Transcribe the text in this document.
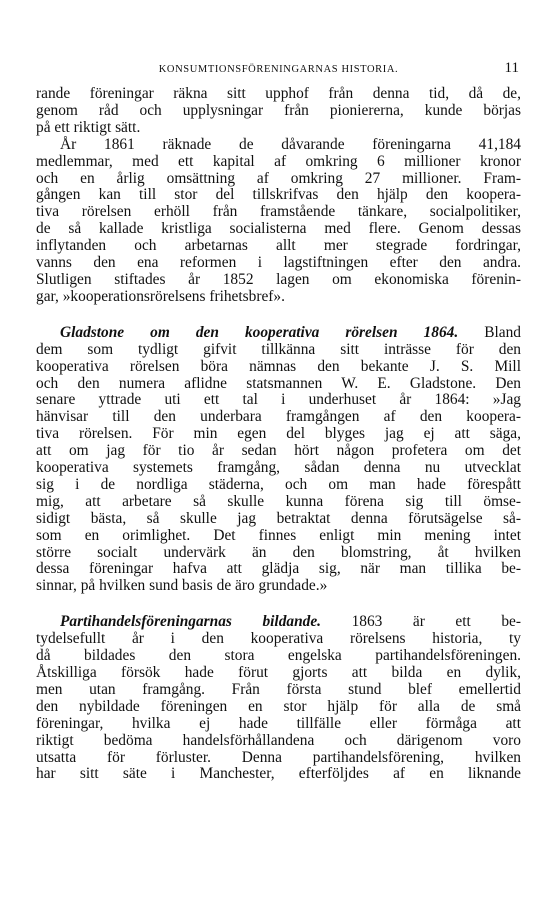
KONSUMTIONSFÖRENINGARNAS HISTORIA.	11

rande föreningar räkna sitt upphof från denna tid, då de,
genom råd och upplysningar från pioniererna, kunde börjas
på ett riktigt sätt.

År 1861 räknade de dåvarande föreningarna 41,184
medlemmar, med ett kapital af omkring 6 millioner kronor
och en årlig omsättning af omkring 27 millioner. Fram-
gången kan till stor del tillskrifvas den hjälp den koopera-
tiva rörelsen erhöll från framstående tänkare, socialpolitiker,
de så kallade kristliga socialisterna med flere. Genom dessas
inflytanden och arbetarnas allt mer stegrade fordringar,
vanns den ena reformen i lagstiftningen efter den andra.
Slutligen stiftades år 1852 lagen om ekonomiska förenin-
gar, »kooperationsrörelsens frihetsbref».

Gladstone om den kooperativa rörelsen 1864. Bland
dem som tydligt gifvit tillkänna sitt inträsse för den
kooperativa rörelsen böra nämnas den bekante J. S. Mill
och den numera aflidne statsmannen W. E. Gladstone. Den
senare yttrade uti ett tal i underhuset år 1864: »Jag
hänvisar till den underbara framgången af den koopera-
tiva rörelsen. För min egen del blyges jag ej att säga,
att om jag för tio år sedan hört någon profetera om det
kooperativa systemets framgång, sådan denna nu utvecklat
sig i de nordliga städerna, och om man hade förespått
mig, att arbetare så skulle kunna förena sig till ömse-
sidigt bästa, så skulle jag betraktat denna förutsägelse så-
som en orimlighet. Det finnes enligt min mening intet
större socialt undervärk än den blomstring, åt hvilken
dessa föreningar hafva att glädja sig, när man tillika be-
sinnar, på hvilken sund basis de äro grundade.»

Partihandelsföreningarnas bildande. 1863 är ett be-
tydelsefullt år i den kooperativa rörelsens historia, ty
då bildades den stora engelska partihandelsföreningen.
Åtskilliga försök hade förut gjorts att bilda en dylik,
men utan framgång. Från första stund blef emellertid
den nybildade föreningen en stor hjälp för alla de små
föreningar, hvilka ej hade tillfälle eller förmåga att
riktigt bedöma handelsförhållandena och därigenom voro
utsatta för förluster. Denna partihandelsförening, hvilken
har sitt säte i Manchester, efterföljdes af en liknande
